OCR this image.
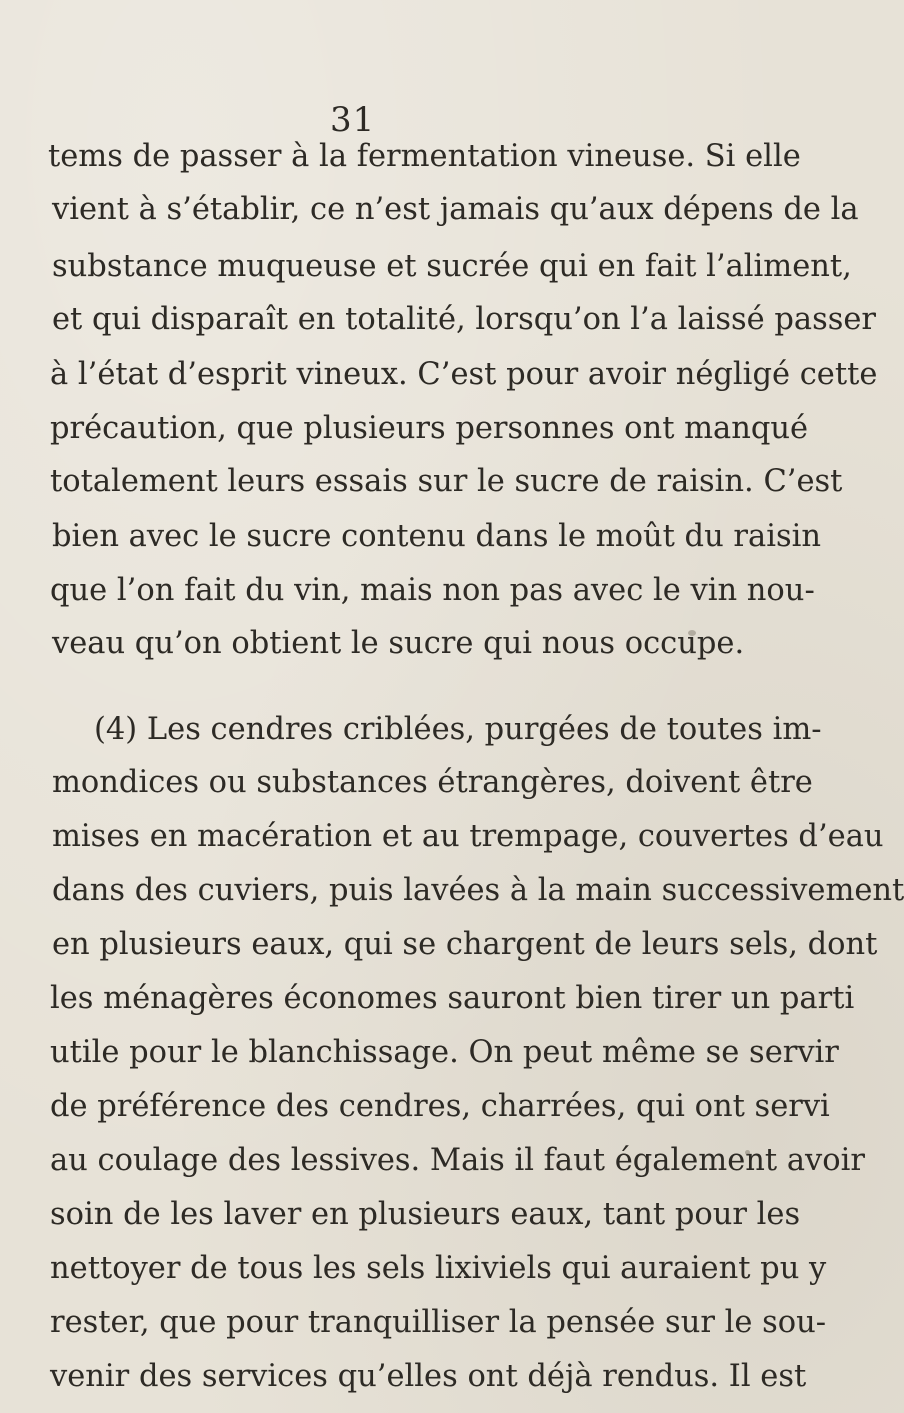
31
tems de passer à la fermentation vineuse. Si elle
vient à s’établir, ce n’est jamais qu’aux dépens de la
substance muqueuse et sucrée qui en fait l’aliment,
et qui disparaît en totalité, lorsqu’on l’a laissé passer
à l’état d’esprit vineux. C’est pour avoir négligé cette
précaution, que plusieurs personnes ont manqué
totalement leurs essais sur le sucre de raisin. C’est
bien avec le sucre contenu dans le moût du raisin
que l’on fait du vin, mais non pas avec le vin nou-
veau qu’on obtient le sucre qui nous occupe.
(4) Les cendres criblées, purgées de toutes im-
mondices ou substances étrangères, doivent être
mises en macération et au trempage, couvertes d’eau
dans des cuviers, puis lavées à la main successivement
en plusieurs eaux, qui se chargent de leurs sels, dont
les ménagères économes sauront bien tirer un parti
utile pour le blanchissage. On peut même se servir
de préférence des cendres, charrées, qui ont servi
au coulage des lessives. Mais il faut également avoir
soin de les laver en plusieurs eaux, tant pour les
nettoyer de tous les sels lixiviels qui auraient pu y
rester, que pour tranquilliser la pensée sur le sou-
venir des services qu’elles ont déjà rendus. Il est
